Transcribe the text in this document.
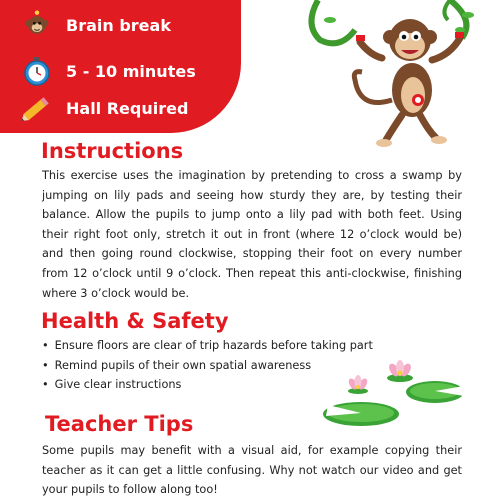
Brain break
5 - 10 minutes
Hall Required
Instructions

This exercise uses the imagination by pretending to cross a swamp by jumping on lily pads and seeing how sturdy they are, by testing their balance. Allow the pupils to jump onto a lily pad with both feet. Using their right foot only, stretch it out in front (where 12 o’clock would be) and then going round clockwise, stopping their foot on every number from 12 o’clock until 9 o’clock. Then repeat this anti-clockwise, finishing where 3 o’clock would be.

Health & Safety
• Ensure floors are clear of trip hazards before taking part
• Remind pupils of their own spatial awareness
• Give clear instructions
Teacher Tips

Some pupils may benefit with a visual aid, for example copying their teacher as it can get a little confusing. Why not watch our video and get your pupils to follow along too!
